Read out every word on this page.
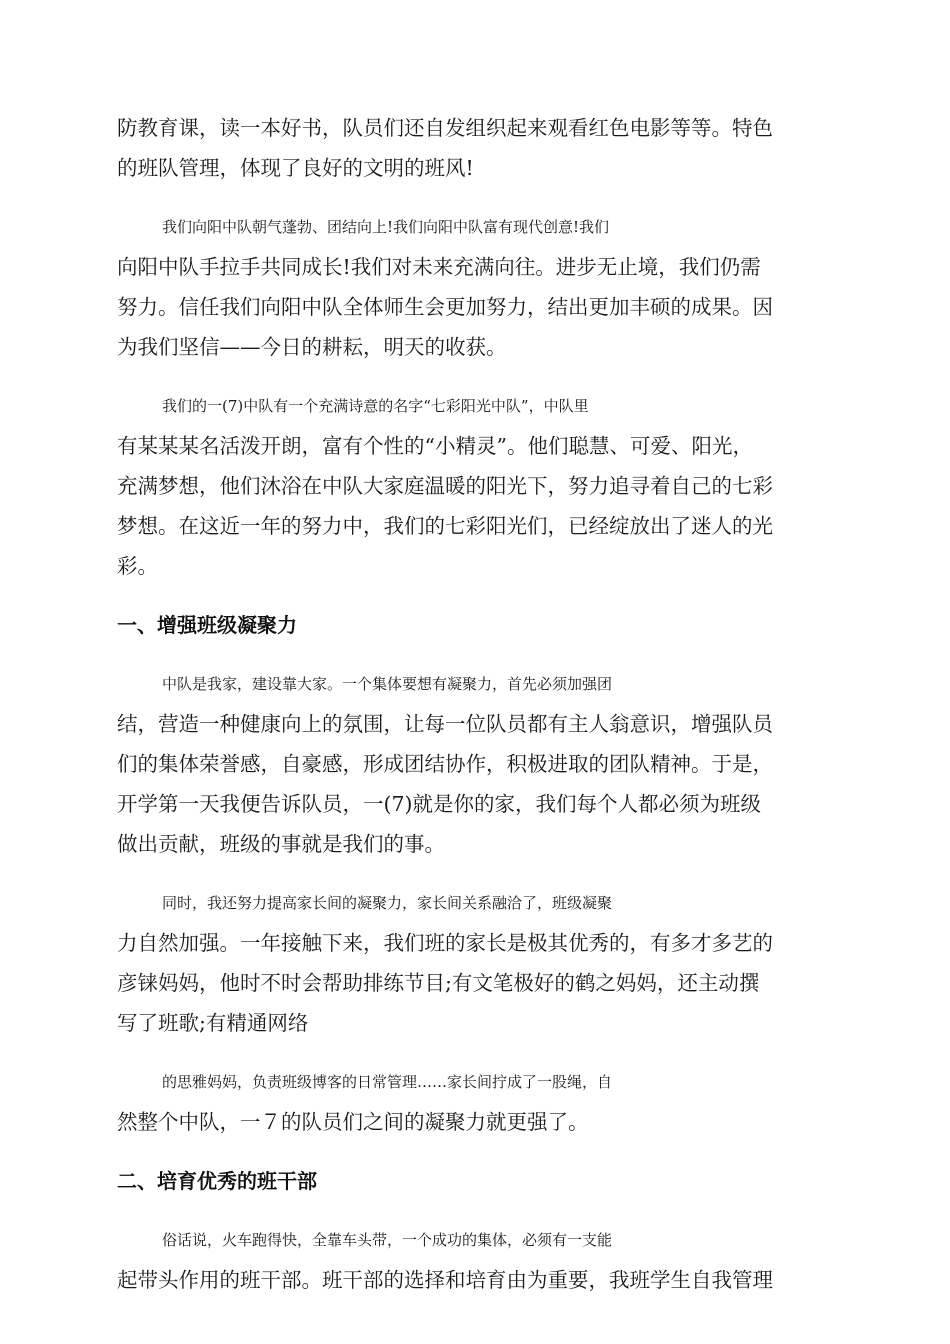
防教育课，读一本好书，队员们还自发组织起来观看红色电影等等。特色
的班队管理，体现了良好的文明的班风!
我们向阳中队朝气蓬勃、团结向上!我们向阳中队富有现代创意!我们
向阳中队手拉手共同成长!我们对未来充满向往。进步无止境，我们仍需
努力。信任我们向阳中队全体师生会更加努力，结出更加丰硕的成果。因
为我们坚信——今日的耕耘，明天的收获。
我们的一(7)中队有一个充满诗意的名字“七彩阳光中队”，中队里
有某某某名活泼开朗，富有个性的“小精灵”。他们聪慧、可爱、阳光，
充满梦想，他们沐浴在中队大家庭温暖的阳光下，努力追寻着自己的七彩
梦想。在这近一年的努力中，我们的七彩阳光们，已经绽放出了迷人的光
彩。
一、增强班级凝聚力
中队是我家，建设靠大家。一个集体要想有凝聚力，首先必须加强团
结，营造一种健康向上的氛围，让每一位队员都有主人翁意识，增强队员
们的集体荣誉感，自豪感，形成团结协作，积极进取的团队精神。于是，
开学第一天我便告诉队员，一(7)就是你的家，我们每个人都必须为班级
做出贡献，班级的事就是我们的事。
同时，我还努力提高家长间的凝聚力，家长间关系融洽了，班级凝聚
力自然加强。一年接触下来，我们班的家长是极其优秀的，有多才多艺的
彦铼妈妈，他时不时会帮助排练节目;有文笔极好的鹤之妈妈，还主动撰
写了班歌;有精通网络
的思雅妈妈，负责班级博客的日常管理……家长间拧成了一股绳，自
然整个中队，一７的队员们之间的凝聚力就更强了。
二、培育优秀的班干部
俗话说，火车跑得快，全靠车头带，一个成功的集体，必须有一支能
起带头作用的班干部。班干部的选择和培育由为重要，我班学生自我管理
